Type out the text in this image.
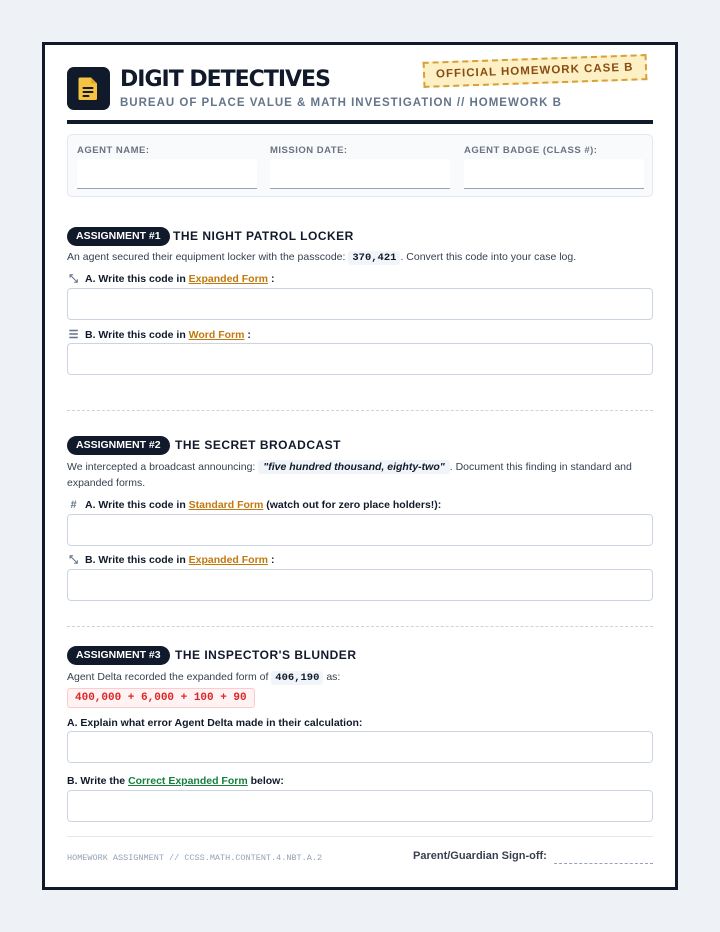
DIGIT DETECTIVES
BUREAU OF PLACE VALUE & MATH INVESTIGATION // HOMEWORK B
OFFICIAL HOMEWORK CASE B
AGENT NAME:	MISSION DATE:	AGENT BADGE (CLASS #):
ASSIGNMENT #1	THE NIGHT PATROL LOCKER
An agent secured their equipment locker with the passcode: 370,421 . Convert this code into your case log.
⤡ A. Write this code in Expanded Form :
☰ B. Write this code in Word Form :
ASSIGNMENT #2	THE SECRET BROADCAST
We intercepted a broadcast announcing: "five hundred thousand, eighty-two" . Document this finding in standard and expanded forms.
# A. Write this code in Standard Form (watch out for zero place holders!):
⤡ B. Write this code in Expanded Form :
ASSIGNMENT #3	THE INSPECTOR'S BLUNDER
Agent Delta recorded the expanded form of 406,190 as:
400,000 + 6,000 + 100 + 90
A. Explain what error Agent Delta made in their calculation:
B. Write the Correct Expanded Form below:
HOMEWORK ASSIGNMENT // CCSS.MATH.CONTENT.4.NBT.A.2	Parent/Guardian Sign-off:
